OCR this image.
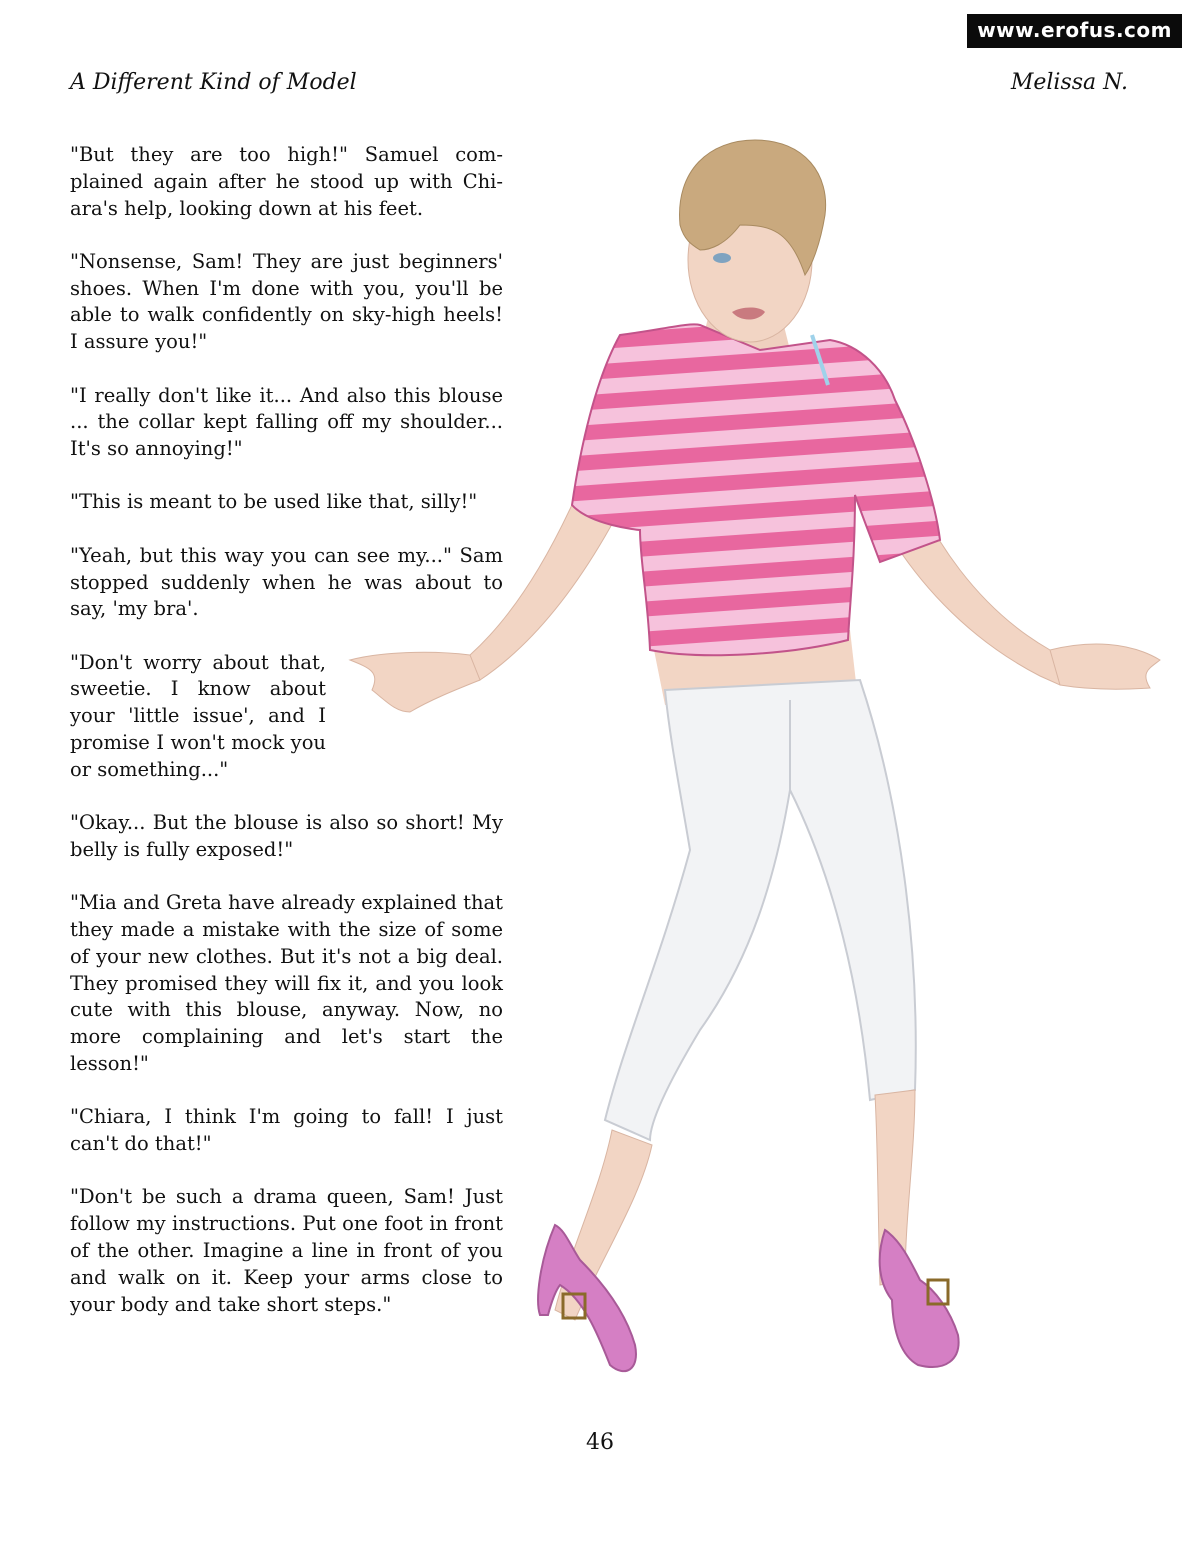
www.erofus.com
A Different Kind of Model	Melissa N.

"But they are too high!" Samuel com-plained again after he stood up with Chi-ara's help, looking down at his feet.

"Nonsense, Sam! They are just beginners' shoes. When I'm done with you, you'll be able to walk confidently on sky-high heels! I assure you!"

"I really don't like it... And also this blouse ... the collar kept falling off my shoulder... It's so annoying!"

"This is meant to be used like that, silly!"

"Yeah, but this way you can see my..." Sam stopped suddenly when he was about to say, 'my bra'.

"Don't worry about that, sweetie. I know about your 'little issue', and I promise I won't mock you or something..."

"Okay... But the blouse is also so short! My belly is fully exposed!"

"Mia and Greta have already explained that they made a mistake with the size of some of your new clothes. But it's not a big deal. They promised they will fix it, and you look cute with this blouse, anyway. Now, no more complaining and let's start the lesson!"

"Chiara, I think I'm going to fall! I just can't do that!"

"Don't be such a drama queen, Sam! Just follow my instructions. Put one foot in front of the other. Imagine a line in front of you and walk on it. Keep your arms close to your body and take short steps."

46
